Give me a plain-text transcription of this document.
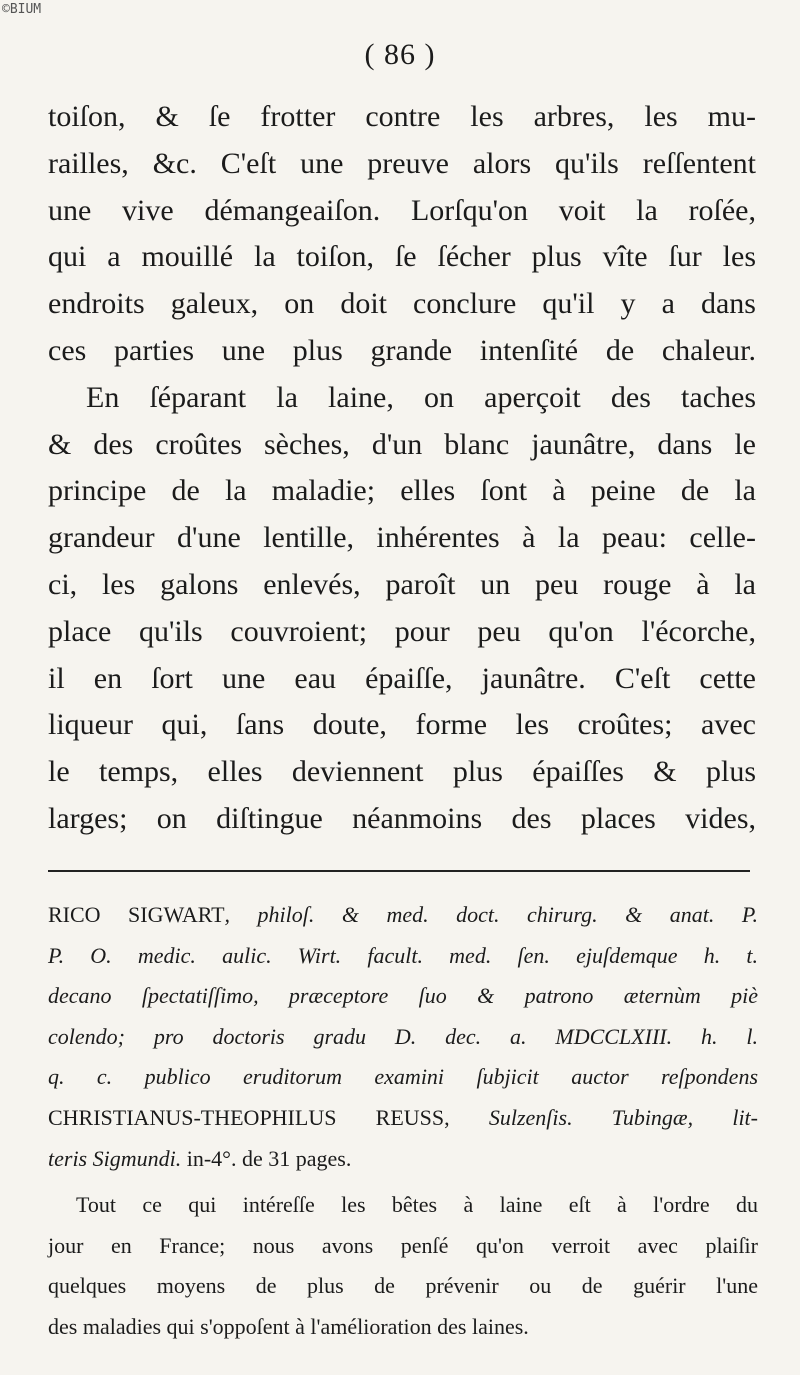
©BIUM
( 86 )
toiſon, & ſe frotter contre les arbres, les mu-
railles, &c. C'eſt une preuve alors qu'ils reſſentent
une vive démangeaiſon. Lorſqu'on voit la roſée,
qui a mouillé la toiſon, ſe ſécher plus vîte ſur les
endroits galeux, on doit conclure qu'il y a dans
ces parties une plus grande intenſité de chaleur.
En ſéparant la laine, on aperçoit des taches
& des croûtes sèches, d'un blanc jaunâtre, dans le
principe de la maladie; elles ſont à peine de la
grandeur d'une lentille, inhérentes à la peau: celle-
ci, les galons enlevés, paroît un peu rouge à la
place qu'ils couvroient; pour peu qu'on l'écorche,
il en ſort une eau épaiſſe, jaunâtre. C'eſt cette
liqueur qui, ſans doute, forme les croûtes; avec
le temps, elles deviennent plus épaiſſes & plus
larges; on diſtingue néanmoins des places vides,
RICO SIGWART, philoſ. & med. doct. chirurg. & anat. P.
P. O. medic. aulic. Wirt. facult. med. ſen. ejuſdemque h. t.
decano ſpectatiſſimo, præceptore ſuo & patrono æternùm piè
colendo; pro doctoris gradu D. dec. a. MDCCLXIII. h. l.
q. c. publico eruditorum examini ſubjicit auctor reſpondens
CHRISTIANUS-THEOPHILUS REUSS, Sulzenſis. Tubingæ, lit-
teris Sigmundi. in-4°. de 31 pages.
Tout ce qui intéreſſe les bêtes à laine eſt à l'ordre du
jour en France; nous avons penſé qu'on verroit avec plaiſir
quelques moyens de plus de prévenir ou de guérir l'une
des maladies qui s'oppoſent à l'amélioration des laines.
